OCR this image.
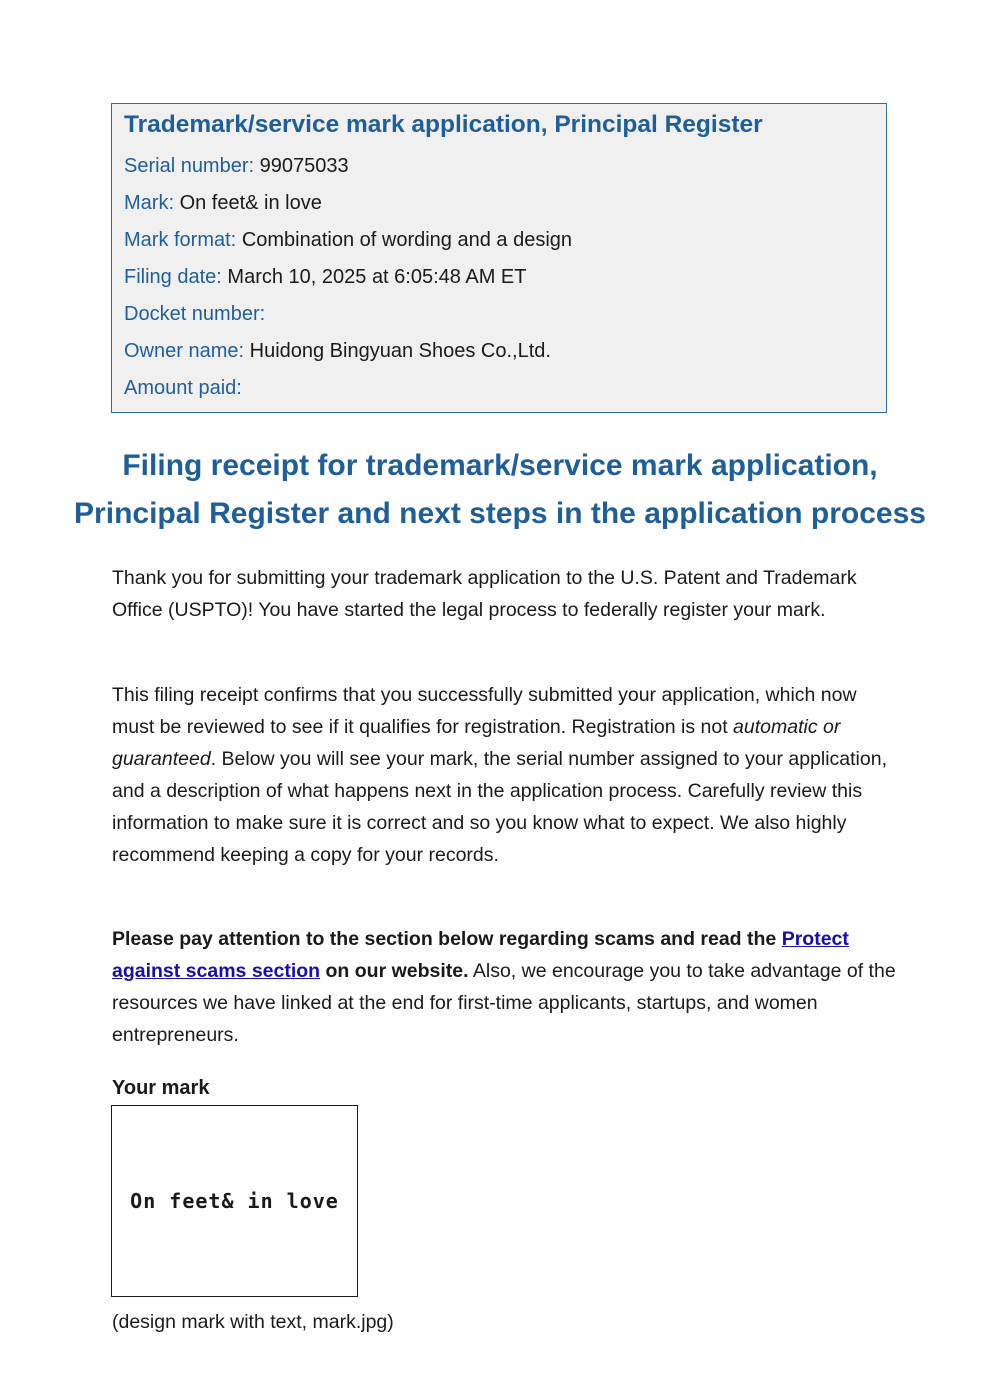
Trademark/service mark application, Principal Register
Serial number: 99075033
Mark: On feet& in love
Mark format: Combination of wording and a design
Filing date: March 10, 2025 at 6:05:48 AM ET
Docket number:
Owner name: Huidong Bingyuan Shoes Co.,Ltd.
Amount paid:
Filing receipt for trademark/service mark application,
Principal Register and next steps in the application process

Thank you for submitting your trademark application to the U.S. Patent and Trademark Office (USPTO)! You have started the legal process to federally register your mark.

This filing receipt confirms that you successfully submitted your application, which now must be reviewed to see if it qualifies for registration. Registration is not automatic or guaranteed. Below you will see your mark, the serial number assigned to your application, and a description of what happens next in the application process. Carefully review this information to make sure it is correct and so you know what to expect. We also highly recommend keeping a copy for your records.

Please pay attention to the section below regarding scams and read the Protect against scams section on our website. Also, we encourage you to take advantage of the resources we have linked at the end for first-time applicants, startups, and women entrepreneurs.

Your mark
On feet& in love

(design mark with text, mark.jpg)
